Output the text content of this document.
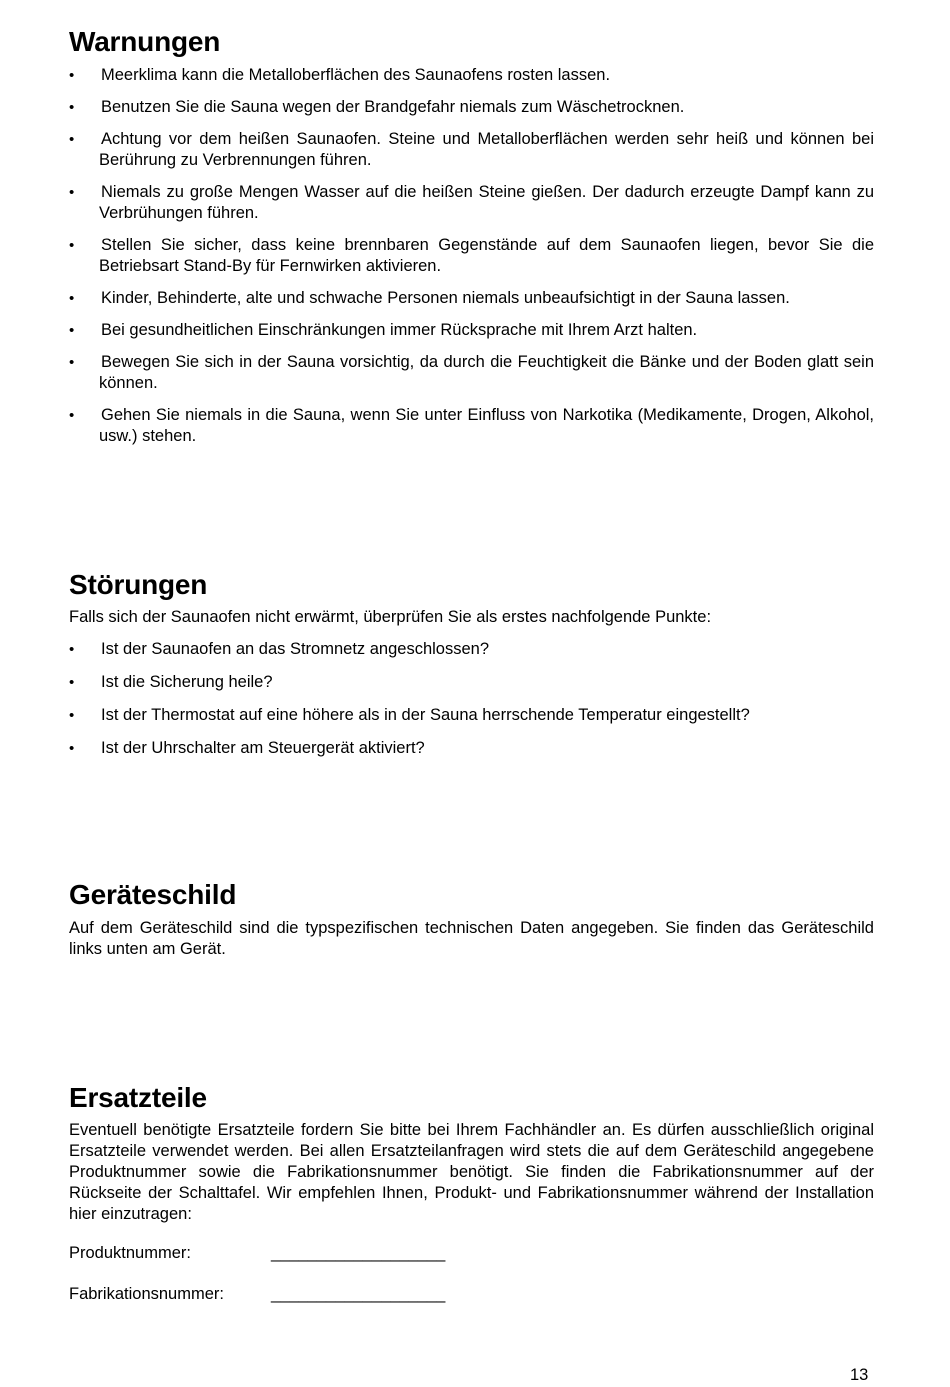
Warnungen
• Meerklima kann die Metalloberflächen des Saunaofens rosten lassen.
• Benutzen Sie die Sauna wegen der Brandgefahr niemals zum Wäschetrocknen.
• Achtung vor dem heißen Saunaofen. Steine und Metalloberflächen werden sehr heiß und können bei Berührung zu Verbrennungen führen.
• Niemals zu große Mengen Wasser auf die heißen Steine gießen. Der dadurch erzeugte Dampf kann zu Verbrühungen führen.
• Stellen Sie sicher, dass keine brennbaren Gegenstände auf dem Saunaofen liegen, bevor Sie die Betriebsart Stand-By für Fernwirken aktivieren.
• Kinder, Behinderte, alte und schwache Personen niemals unbeaufsichtigt in der Sauna lassen.
• Bei gesundheitlichen Einschränkungen immer Rücksprache mit Ihrem Arzt halten.
• Bewegen Sie sich in der Sauna vorsichtig, da durch die Feuchtigkeit die Bänke und der Boden glatt sein können.
• Gehen Sie niemals in die Sauna, wenn Sie unter Einfluss von Narkotika (Medikamente, Drogen, Alkohol, usw.) stehen.
Störungen

Falls sich der Saunaofen nicht erwärmt, überprüfen Sie als erstes nachfolgende Punkte:

• Ist der Saunaofen an das Stromnetz angeschlossen?
• Ist die Sicherung heile?
• Ist der Thermostat auf eine höhere als in der Sauna herrschende Temperatur eingestellt?
• Ist der Uhrschalter am Steuergerät aktiviert?
Geräteschild

Auf dem Geräteschild sind die typspezifischen technischen Daten angegeben. Sie finden das Geräteschild links unten am Gerät.

Ersatzteile

Eventuell benötigte Ersatzteile fordern Sie bitte bei Ihrem Fachhändler an. Es dürfen ausschließlich original Ersatzteile verwendet werden. Bei allen Ersatzteilanfragen wird stets die auf dem Geräteschild angegebene Produktnummer sowie die Fabrikationsnummer benötigt. Sie finden die Fabrikationsnummer auf der Rückseite der Schalttafel. Wir empfehlen Ihnen, Produkt- und Fabrikationsnummer während der Installation hier einzutragen:

Produktnummer:	___________________
Fabrikationsnummer:	___________________
13
